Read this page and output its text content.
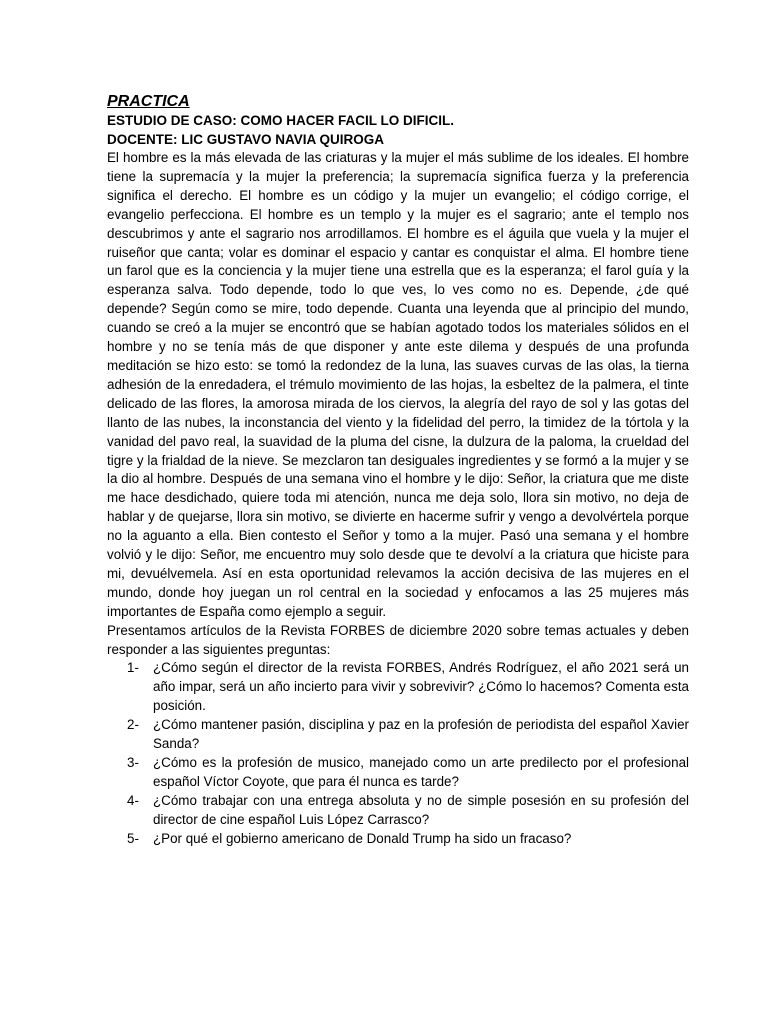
PRACTICA

ESTUDIO DE CASO: COMO HACER FACIL LO DIFICIL.

DOCENTE: LIC GUSTAVO NAVIA QUIROGA

El hombre es la más elevada de las criaturas y la mujer el más sublime de los ideales. El hombre tiene la supremacía y la mujer la preferencia; la supremacía significa fuerza y la preferencia significa el derecho. El hombre es un código y la mujer un evangelio; el código corrige, el evangelio perfecciona. El hombre es un templo y la mujer es el sagrario; ante el templo nos descubrimos y ante el sagrario nos arrodillamos. El hombre es el águila que vuela y la mujer el ruiseñor que canta; volar es dominar el espacio y cantar es conquistar el alma. El hombre tiene un farol que es la conciencia y la mujer tiene una estrella que es la esperanza; el farol guía y la esperanza salva. Todo depende, todo lo que ves, lo ves como no es. Depende, ¿de qué depende? Según como se mire, todo depende. Cuanta una leyenda que al principio del mundo, cuando se creó a la mujer se encontró que se habían agotado todos los materiales sólidos en el hombre y no se tenía más de que disponer y ante este dilema y después de una profunda meditación se hizo esto: se tomó la redondez de la luna, las suaves curvas de las olas, la tierna adhesión de la enredadera, el trémulo movimiento de las hojas, la esbeltez de la palmera, el tinte delicado de las flores, la amorosa mirada de los ciervos, la alegría del rayo de sol y las gotas del llanto de las nubes, la inconstancia del viento y la fidelidad del perro, la timidez de la tórtola y la vanidad del pavo real, la suavidad de la pluma del cisne, la dulzura de la paloma, la crueldad del tigre y la frialdad de la nieve. Se mezclaron tan desiguales ingredientes y se formó a la mujer y se la dio al hombre. Después de una semana vino el hombre y le dijo: Señor, la criatura que me diste me hace desdichado, quiere toda mi atención, nunca me deja solo, llora sin motivo, no deja de hablar y de quejarse, llora sin motivo, se divierte en hacerme sufrir y vengo a devolvértela porque no la aguanto a ella. Bien contesto el Señor y tomo a la mujer. Pasó una semana y el hombre volvió y le dijo: Señor, me encuentro muy solo desde que te devolví a la criatura que hiciste para mi, devuélvemela. Así en esta oportunidad relevamos la acción decisiva de las mujeres en el mundo, donde hoy juegan un rol central en la sociedad y enfocamos a las 25 mujeres más importantes de España como ejemplo a seguir.

Presentamos artículos de la Revista FORBES de diciembre 2020 sobre temas actuales y deben responder a las siguientes preguntas:

1- ¿Cómo según el director de la revista FORBES, Andrés Rodríguez, el año 2021 será un año impar, será un año incierto para vivir y sobrevivir? ¿Cómo lo hacemos? Comenta esta posición.
2- ¿Cómo mantener pasión, disciplina y paz en la profesión de periodista del español Xavier Sanda?
3- ¿Cómo es la profesión de musico, manejado como un arte predilecto por el profesional español Víctor Coyote, que para él nunca es tarde?
4- ¿Cómo trabajar con una entrega absoluta y no de simple posesión en su profesión del director de cine español Luis López Carrasco?
5- ¿Por qué el gobierno americano de Donald Trump ha sido un fracaso?
